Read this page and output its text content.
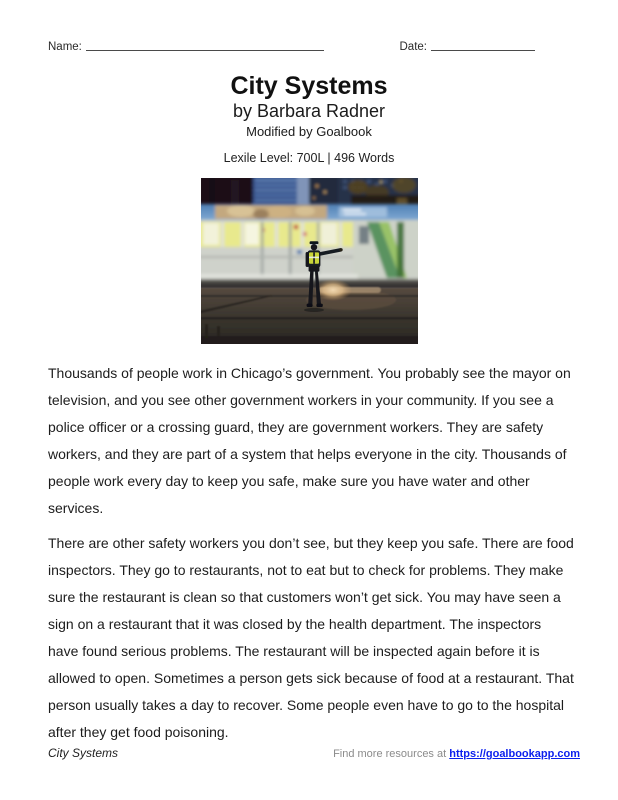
Name:	Date:
City Systems
by Barbara Radner
Modified by Goalbook
Lexile Level: 700L | 496 Words

Thousands of people work in Chicago’s government. You probably see the mayor on television, and you see other government workers in your community. If you see a police officer or a crossing guard, they are government workers. They are safety workers, and they are part of a system that helps everyone in the city. Thousands of people work every day to keep you safe, make sure you have water and other services.

There are other safety workers you don’t see, but they keep you safe. There are food inspectors. They go to restaurants, not to eat but to check for problems. They make sure the restaurant is clean so that customers won’t get sick. You may have seen a sign on a restaurant that it was closed by the health department. The inspectors have found serious problems. The restaurant will be inspected again before it is allowed to open. Sometimes a person gets sick because of food at a restaurant. That person usually takes a day to recover. Some people even have to go to the hospital after they get food poisoning.

City Systems	Find more resources at https://goalbookapp.com
